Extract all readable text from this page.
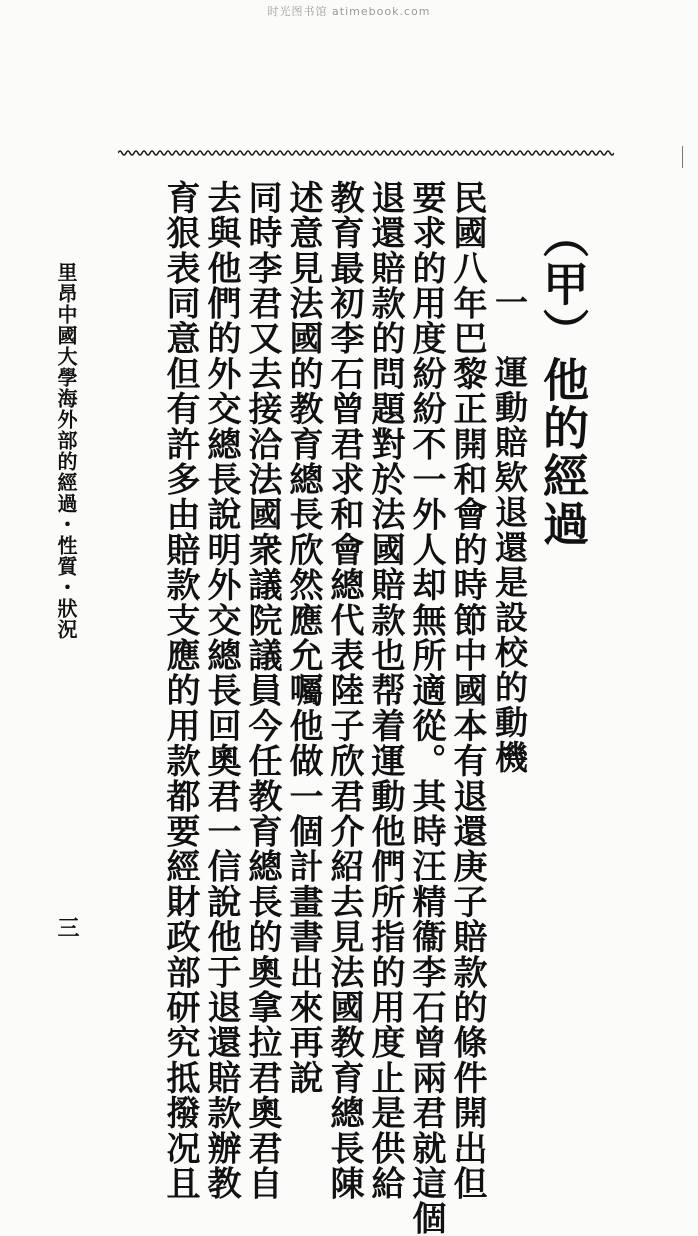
时光图书馆 atimebook.com
（甲）他的經過
一　運動賠欵退還是設校的動機
民國八年巴黎正開和會的時節中國本有退還庚子賠款的條件開出但
要求的用度紛紛不一外人却無所適從。其時汪精衞李石曾兩君就這個
退還賠款的問題對於法國賠款也帮着運動他們所指的用度止是供給
教育最初李石曾君求和會總代表陸子欣君介紹去見法國教育總長陳
述意見法國的教育總長欣然應允囑他做一個計畫書出來再說
同時李君又去接洽法國衆議院議員今任教育總長的奧拿拉君奧君自
去與他們的外交總長說明外交總長回奧君一信說他于退還賠款辦教
育狠表同意但有許多由賠款支應的用款都要經財政部研究抵撥况且
里昂中國大學海外部的經過・性質・狀況
三
